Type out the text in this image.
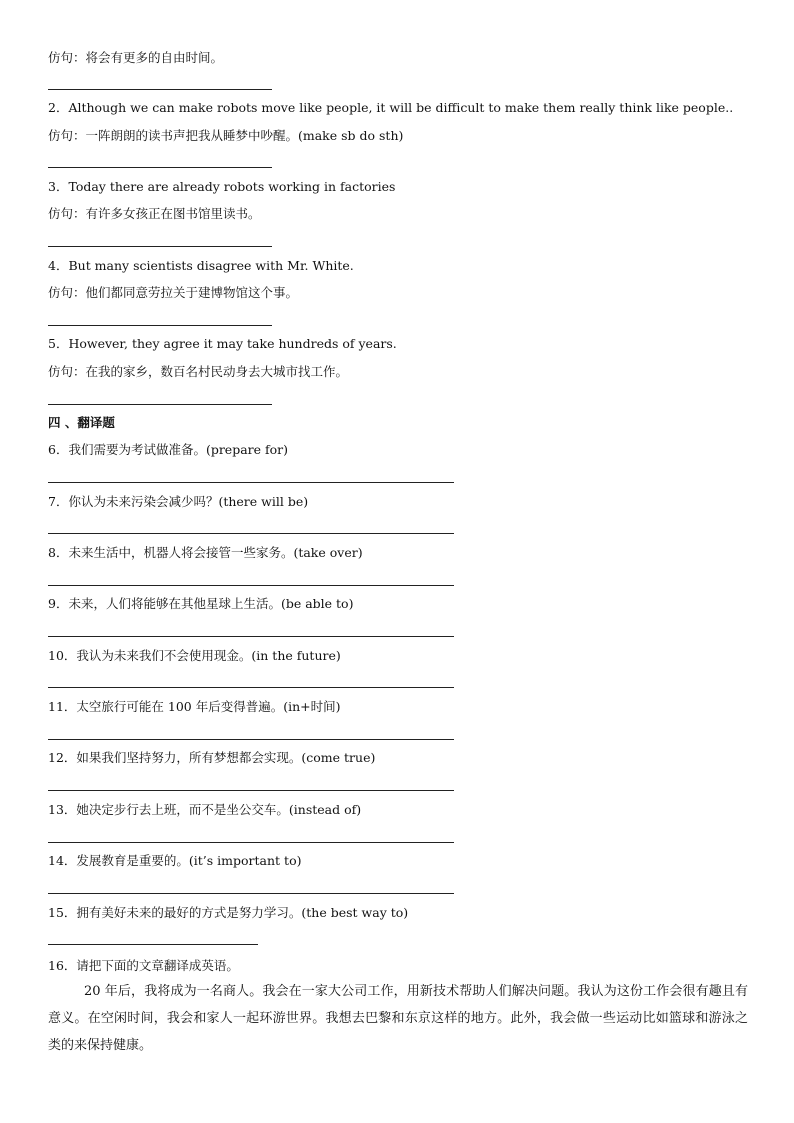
仿句：将会有更多的自由时间。
2．Although we can make robots move like people, it will be difficult to make them really think like people..
仿句：一阵朗朗的读书声把我从睡梦中吵醒。(make sb do sth)
3．Today there are already robots working in factories
仿句：有许多女孩正在图书馆里读书。
4．But many scientists disagree with Mr. White.
仿句：他们都同意劳拉关于建博物馆这个事。
5．However, they agree it may take hundreds of years.
仿句：在我的家乡，数百名村民动身去大城市找工作。
四 、翻译题
6．我们需要为考试做准备。(prepare for)
7．你认为未来污染会减少吗？(there will be)
8．未来生活中，机器人将会接管一些家务。(take over)
9．未来，人们将能够在其他星球上生活。(be able to)
10．我认为未来我们不会使用现金。(in the future)
11．太空旅行可能在 100 年后变得普遍。(in+时间)
12．如果我们坚持努力，所有梦想都会实现。(come true)
13．她决定步行去上班，而不是坐公交车。(instead of)
14．发展教育是重要的。(it’s important to)
15．拥有美好未来的最好的方式是努力学习。(the best way to)
16．请把下面的文章翻译成英语。
20 年后，我将成为一名商人。我会在一家大公司工作，用新技术帮助人们解决问题。我认为这份工作会很有趣且有意义。在空闲时间，我会和家人一起环游世界。我想去巴黎和东京这样的地方。此外，我会做一些运动比如篮球和游泳之类的来保持健康。
